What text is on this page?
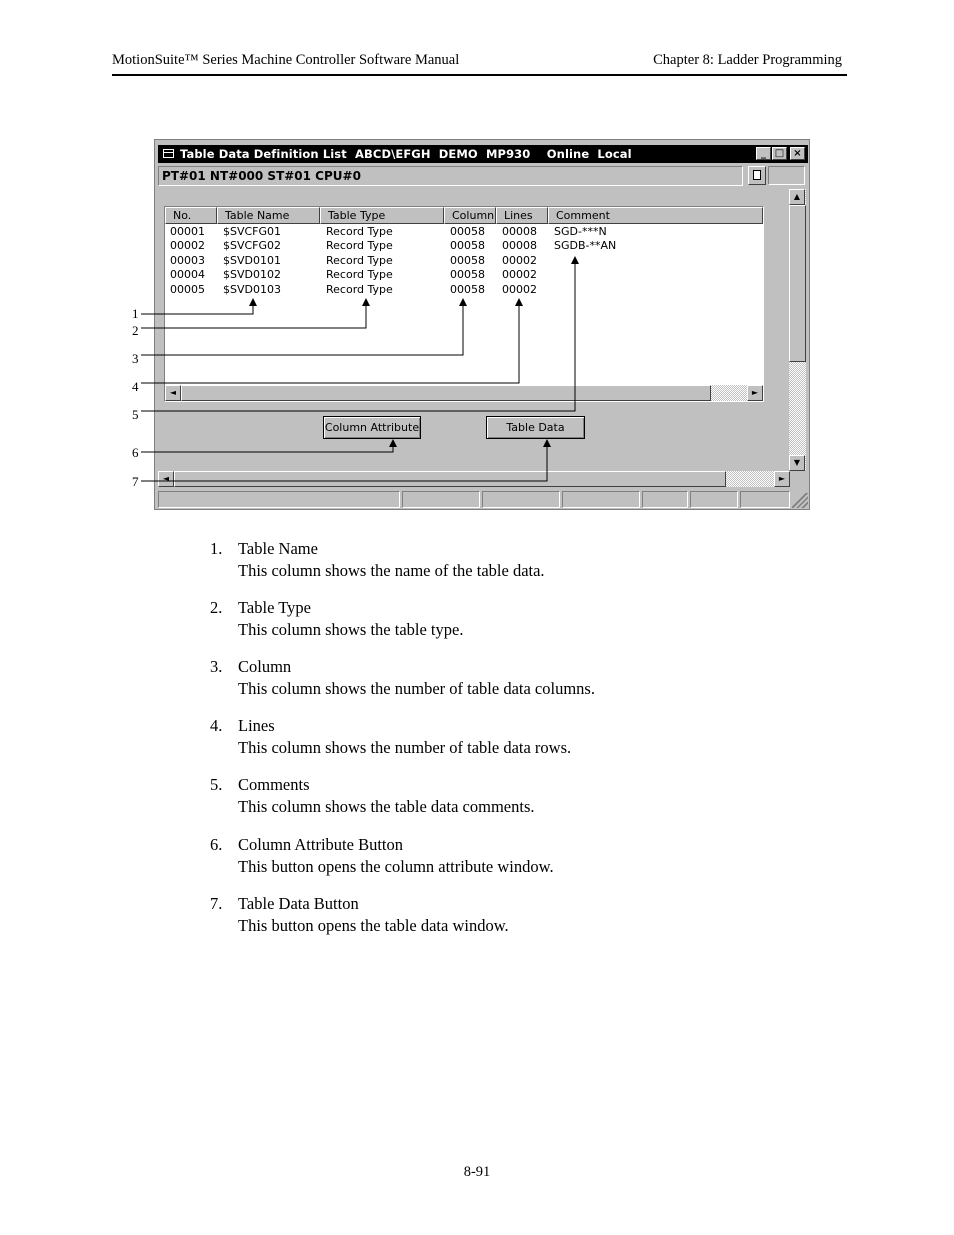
MotionSuite™ Series Machine Controller Software Manual	Chapter 8: Ladder Programming
Table Data Definition List  ABCD\EFGH  DEMO  MP930    Online  Local	_ □ ×
PT#01 NT#000 ST#01 CPU#0
No.	Table Name	Table Type	Column Lines	Comment
00001 $SVCFG01	Record Type	00058 00008 SGD-***N
00002 $SVCFG02	Record Type	00058 00008 SGDB-**AN
00003 $SVD0101	Record Type	00058 00002
00004 $SVD0102	Record Type	00058 00002
00005 $SVD0103	Record Type	00058 00002
◄	►
Column Attribute	Table Data
▲
▼
◄	►
1
2
3
4
5
6
7
1. Table Name
This column shows the name of the table data.
2. Table Type
This column shows the table type.
3. Column
This column shows the number of table data columns.
4. Lines
This column shows the number of table data rows.
5. Comments
This column shows the table data comments.
6. Column Attribute Button
This button opens the column attribute window.
7. Table Data Button
This button opens the table data window.
8-91
